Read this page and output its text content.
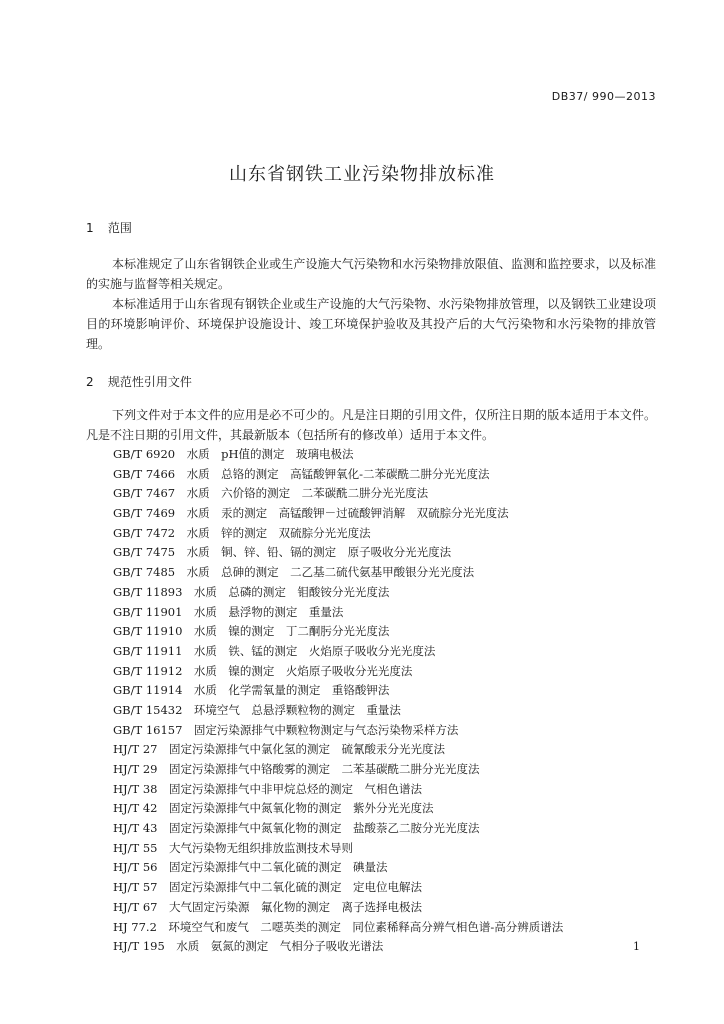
DB37/ 990—2013
山东省钢铁工业污染物排放标准
1 范围

本标准规定了山东省钢铁企业或生产设施大气污染物和水污染物排放限值、监测和监控要求，以及标准的实施与监督等相关规定。

本标准适用于山东省现有钢铁企业或生产设施的大气污染物、水污染物排放管理，以及钢铁工业建设项目的环境影响评价、环境保护设施设计、竣工环境保护验收及其投产后的大气污染物和水污染物的排放管理。

2 规范性引用文件

下列文件对于本文件的应用是必不可少的。凡是注日期的引用文件，仅所注日期的版本适用于本文件。凡是不注日期的引用文件，其最新版本（包括所有的修改单）适用于本文件。

GB/T 6920　水质　pH值的测定　玻璃电极法
GB/T 7466　水质　总铬的测定　高锰酸钾氧化-二苯碳酰二肼分光光度法
GB/T 7467　水质　六价铬的测定　二苯碳酰二肼分光光度法
GB/T 7469　水质　汞的测定　高锰酸钾－过硫酸钾消解　双硫腙分光光度法
GB/T 7472　水质　锌的测定　双硫腙分光光度法
GB/T 7475　水质　铜、锌、铅、镉的测定　原子吸收分光光度法
GB/T 7485　水质　总砷的测定　二乙基二硫代氨基甲酸银分光光度法
GB/T 11893　水质　总磷的测定　钼酸铵分光光度法
GB/T 11901　水质　悬浮物的测定　重量法
GB/T 11910　水质　镍的测定　丁二酮肟分光光度法
GB/T 11911　水质　铁、锰的测定　火焰原子吸收分光光度法
GB/T 11912　水质　镍的测定　火焰原子吸收分光光度法
GB/T 11914　水质　化学需氧量的测定　重铬酸钾法
GB/T 15432　环境空气　总悬浮颗粒物的测定　重量法
GB/T 16157　固定污染源排气中颗粒物测定与气态污染物采样方法
HJ/T 27　固定污染源排气中氯化氢的测定　硫氰酸汞分光光度法
HJ/T 29　固定污染源排气中铬酸雾的测定　二苯基碳酰二肼分光光度法
HJ/T 38　固定污染源排气中非甲烷总烃的测定　气相色谱法
HJ/T 42　固定污染源排气中氮氧化物的测定　紫外分光光度法
HJ/T 43　固定污染源排气中氮氧化物的测定　盐酸萘乙二胺分光光度法
HJ/T 55　大气污染物无组织排放监测技术导则
HJ/T 56　固定污染源排气中二氧化硫的测定　碘量法
HJ/T 57　固定污染源排气中二氧化硫的测定　定电位电解法
HJ/T 67　大气固定污染源　氟化物的测定　离子选择电极法
HJ 77.2　环境空气和废气　二噁英类的测定　同位素稀释高分辨气相色谱-高分辨质谱法
HJ/T 195　水质　氨氮的测定　气相分子吸收光谱法	1
